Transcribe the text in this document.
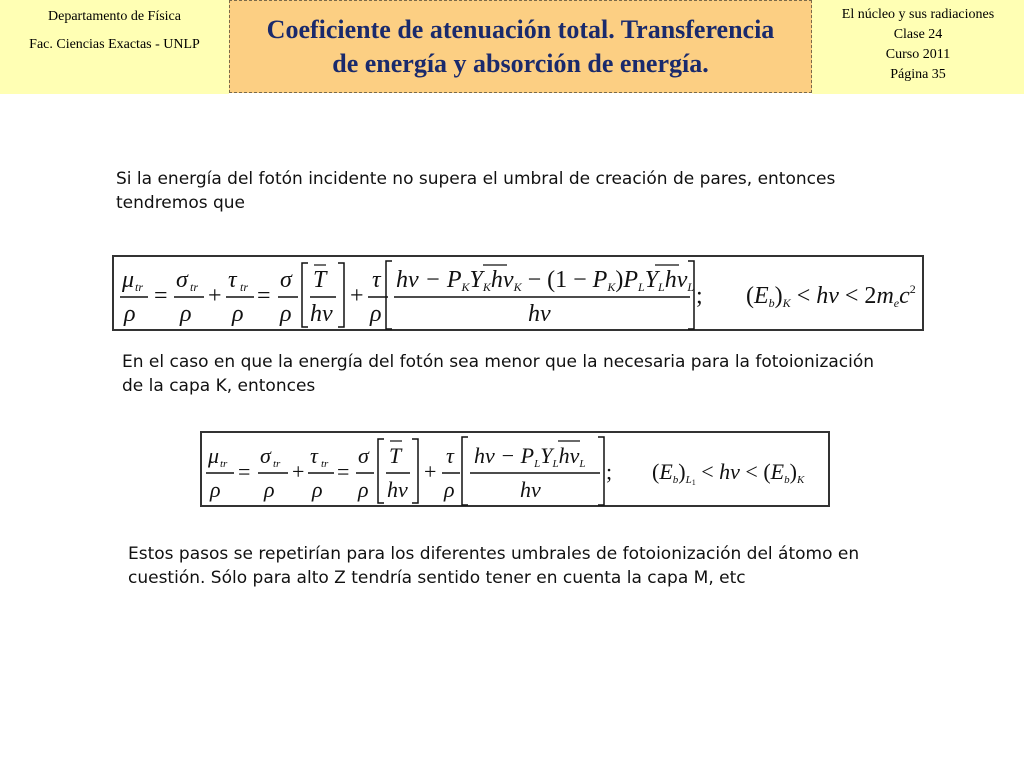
Departamento de Física
Fac. Ciencias Exactas - UNLP
Coeficiente de atenuación total. Transferencia
de energía y absorción de energía.
El núcleo y sus radiaciones
Clase 24
Curso 2011
Página 35
Si la energía del fotón incidente no supera el umbral de creación de pares, entonces
tendremos que
μ tr
ρ
=
σ tr
ρ
+
τ tr
ρ
=
σ
ρ
T
hv
+
τ
ρ
hv − PKYKhvK − (1 − PK)PLYLhvL
hv
; (Eb)K < hv < 2mec$^2$
En el caso en que la energía del fotón sea menor que la necesaria para la fotoionización
de la capa K, entonces
μ tr
ρ
=
σ tr
ρ
+
τ tr
ρ
=
σ
ρ
T
hv
+
τ
ρ
hv − PLYLhvL
hv
; (Eb)L1 < hv < (Eb)K
Estos pasos se repetirían para los diferentes umbrales de fotoionización del átomo en
cuestión. Sólo para alto Z tendría sentido tener en cuenta la capa M, etc
